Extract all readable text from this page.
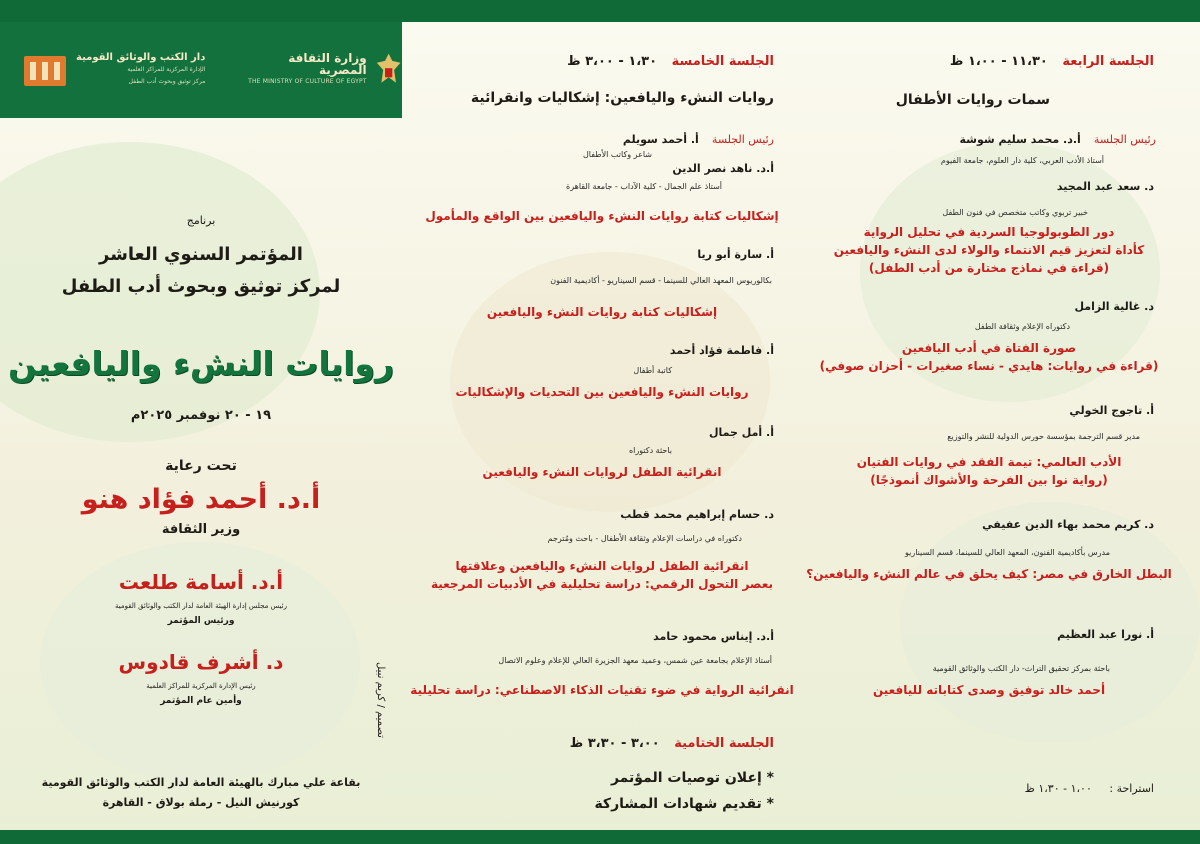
برنامج
المؤتمر السنوي العاشر
لمركز توثيق وبحوث أدب الطفل
روايات النشء واليافعين
١٩ - ٢٠ نوفمبر ٢٠٢٥م
تحت رعاية
أ.د. أحمد فؤاد هنو
وزير الثقافة
أ.د. أسامة طلعت
رئيس مجلس إدارة الهيئة العامة لدار الكتب والوثائق القومية
ورئيس المؤتمر
د. أشرف قادوس
رئيس الإدارة المركزية للمراكز العلمية
وأمين عام المؤتمر
بقاعة علي مبارك بالهيئة العامة لدار الكتب والوثائق القومية
كورنيش النيل - رملة بولاق - القاهرة
تصميم / كريم نبيل
الجلسة الخامسة ١،٣٠ - ٣،٠٠ ظ
روايات النشء واليافعين: إشكاليات وانقرائية
رئيس الجلسة أ. أحمد سويلم
شاعر وكاتب الأطفال
أ.د. ناهد نصر الدين
أستاذ علم الجمال - كلية الآداب - جامعة القاهرة
إشكاليات كتابة روايات النشء واليافعين بين الواقع والمأمول
أ. سارة أبو ريا
بكالوريوس المعهد العالي للسينما - قسم السيناريو - أكاديمية الفنون
إشكاليات كتابة روايات النشء واليافعين
أ. فاطمة فؤاد أحمد
كاتبة أطفال
روايات النشء واليافعين بين التحديات والإشكاليات
أ. أمل جمال
باحثة دكتوراه
انقرائية الطفل لروايات النشء واليافعين
د. حسام إبراهيم محمد قطب
دكتوراه في دراسات الإعلام وثقافة الأطفال - باحث ومُترجم
انقرائية الطفل لروايات النشء واليافعين وعلاقتها
بعصر التحول الرقمي: دراسة تحليلية في الأدبيات المرجعية
أ.د. إيناس محمود حامد
أستاذ الإعلام بجامعة عين شمس، وعميد معهد الجزيرة العالي للإعلام وعلوم الاتصال
انقرائية الرواية في ضوء تقنيات الذكاء الاصطناعي: دراسة تحليلية
الجلسة الختامية ٣،٠٠ - ٣،٣٠ ظ
* إعلان توصيات المؤتمر
* تقديم شهادات المشاركة
الجلسة الرابعة ١١،٣٠ - ١،٠٠ ظ
سمات روايات الأطفال
رئيس الجلسة أ.د. محمد سليم شوشة
أستاذ الأدب العربي، كلية دار العلوم، جامعة الفيوم
د. سعد عبد المجيد
خبير تربوي وكاتب متخصص في فنون الطفل
دور الطوبولوجيا السردية في تحليل الرواية
كأداة لتعزيز قيم الانتماء والولاء لدى النشء واليافعين
(قراءة في نماذج مختارة من أدب الطفل)
د. غالية الزامل
دكتوراه الإعلام وثقافة الطفل
صورة الفتاة في أدب اليافعين
(قراءة في روايات: هايدي - نساء صغيرات - أحزان صوفي)
أ. تاجوج الخولي
مدير قسم الترجمة بمؤسسة حورس الدولية للنشر والتوزيع
الأدب العالمي: تيمة الفقد في روايات الفتيان
(رواية نوا بين الفرحة والأشواك أنموذجًا)
د. كريم محمد بهاء الدين عفيفي
مدرس بأكاديمية الفنون، المعهد العالي للسينما، قسم السيناريو
البطل الخارق في مصر: كيف يحلق في عالم النشء واليافعين؟
أ. نورا عبد العظيم
باحثة بمركز تحقيق التراث- دار الكتب والوثائق القومية
أحمد خالد توفيق وصدى كتاباته لليافعين
استراحة : ١،٠٠ - ١،٣٠ ظ
وزارة الثقافة المصرية
THE MINISTRY OF CULTURE OF EGYPT
دار الكتب والوثائق القومية
الإدارة المركزية للمراكز العلمية
مركز توثيق وبحوث أدب الطفل
